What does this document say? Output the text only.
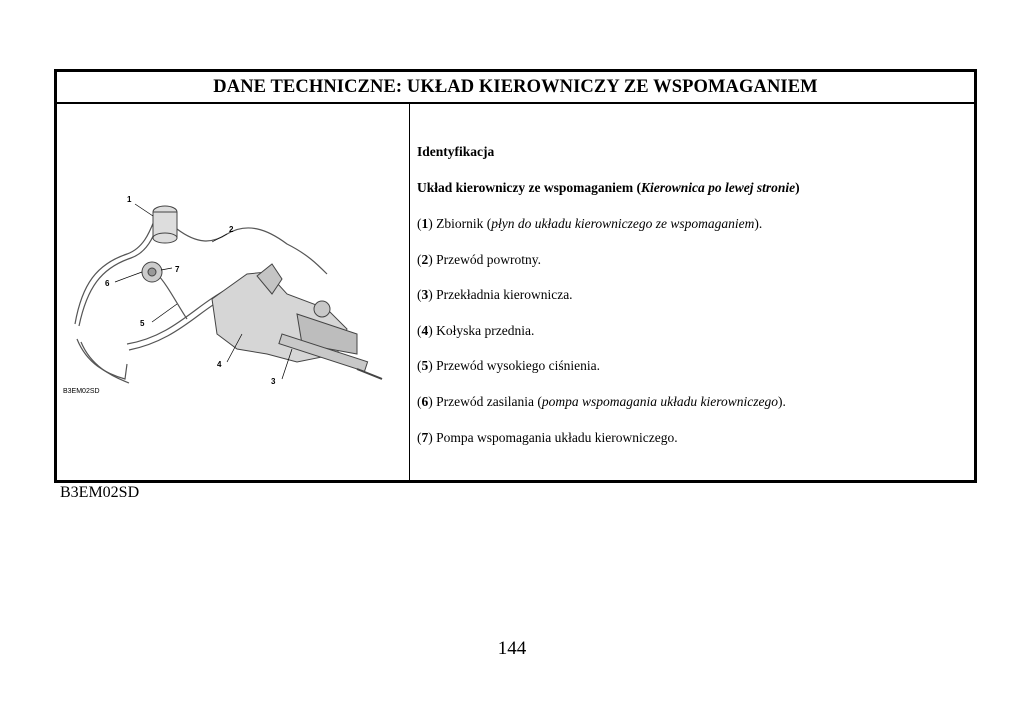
DANE TECHNICZNE: UKŁAD KIEROWNICZY ZE WSPOMAGANIEM
1
2
3
4
5
6
7
B3EM02SD
Identyfikacja
Układ kierowniczy ze wspomaganiem (Kierownica po lewej stronie)
(1) Zbiornik (płyn do układu kierowniczego ze wspomaganiem).
(2) Przewód powrotny.
(3) Przekładnia kierownicza.
(4) Kołyska przednia.
(5) Przewód wysokiego ciśnienia.
(6) Przewód zasilania (pompa wspomagania układu kierowniczego).
(7) Pompa wspomagania układu kierowniczego.
B3EM02SD
144
